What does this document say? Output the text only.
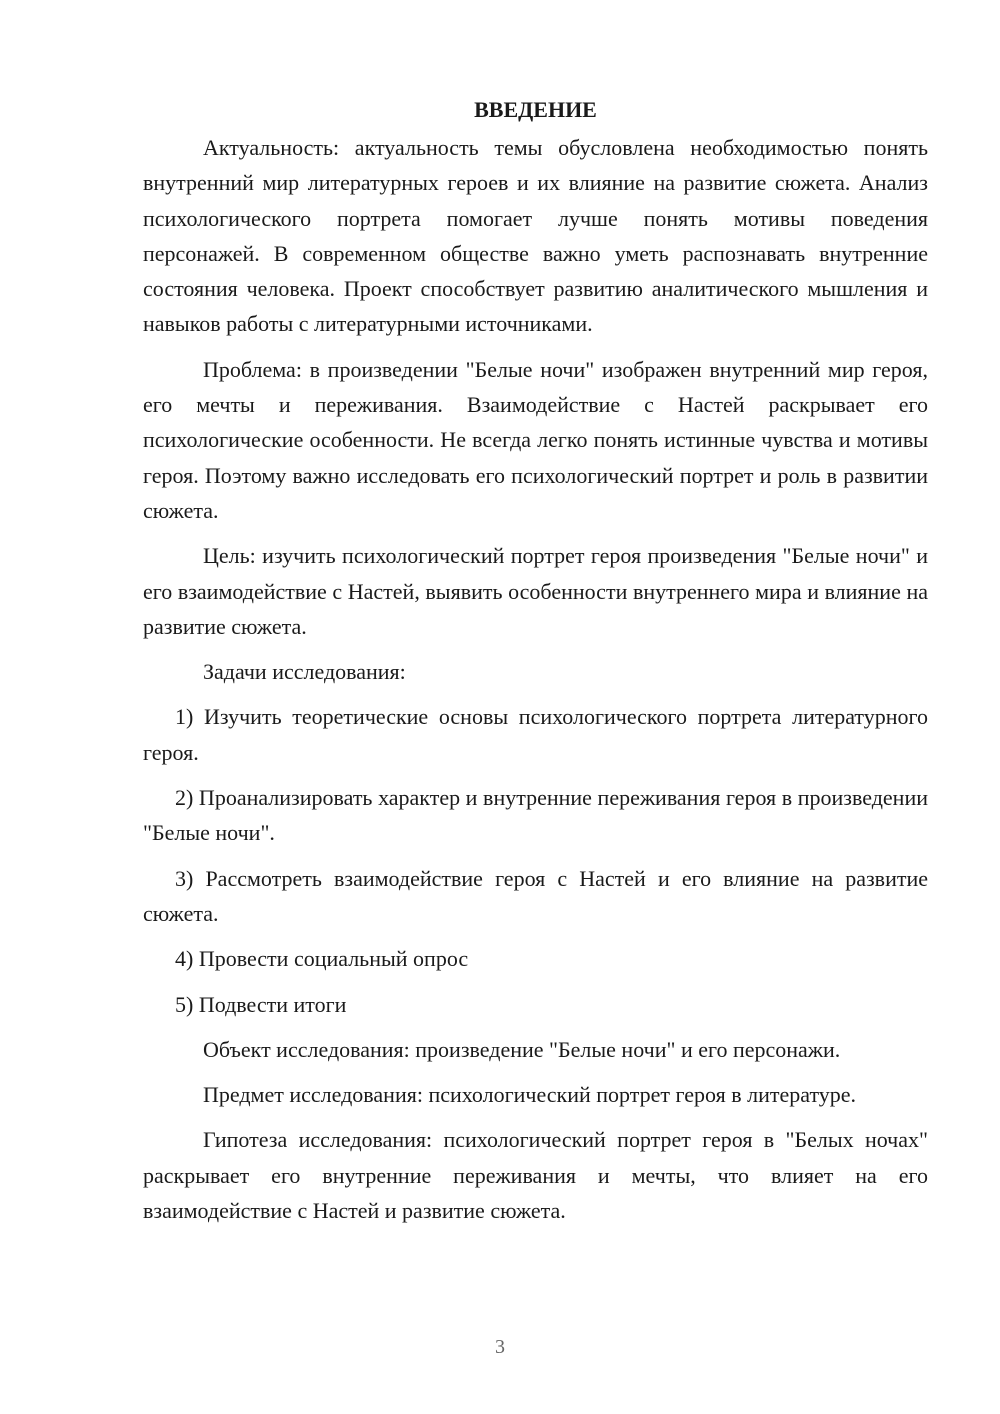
ВВЕДЕНИЕ

Актуальность: актуальность темы обусловлена необходимостью понять внутренний мир литературных героев и их влияние на развитие сюжета. Анализ психологического портрета помогает лучше понять мотивы поведения персонажей. В современном обществе важно уметь распознавать внутренние состояния человека. Проект способствует развитию аналитического мышления и навыков работы с литературными источниками.

Проблема: в произведении "Белые ночи" изображен внутренний мир героя, его мечты и переживания. Взаимодействие с Настей раскрывает его психологические особенности. Не всегда легко понять истинные чувства и мотивы героя. Поэтому важно исследовать его психологический портрет и роль в развитии сюжета.

Цель: изучить психологический портрет героя произведения "Белые ночи" и его взаимодействие с Настей, выявить особенности внутреннего мира и влияние на развитие сюжета.

Задачи исследования:

1) Изучить теоретические основы психологического портрета литературного героя.

2) Проанализировать характер и внутренние переживания героя в произведении "Белые ночи".

3) Рассмотреть взаимодействие героя с Настей и его влияние на развитие сюжета.

4) Провести социальный опрос

5) Подвести итоги

Объект исследования: произведение "Белые ночи" и его персонажи.

Предмет исследования: психологический портрет героя в литературе.

Гипотеза исследования: психологический портрет героя в "Белых ночах" раскрывает его внутренние переживания и мечты, что влияет на его взаимодействие с Настей и развитие сюжета.

3
